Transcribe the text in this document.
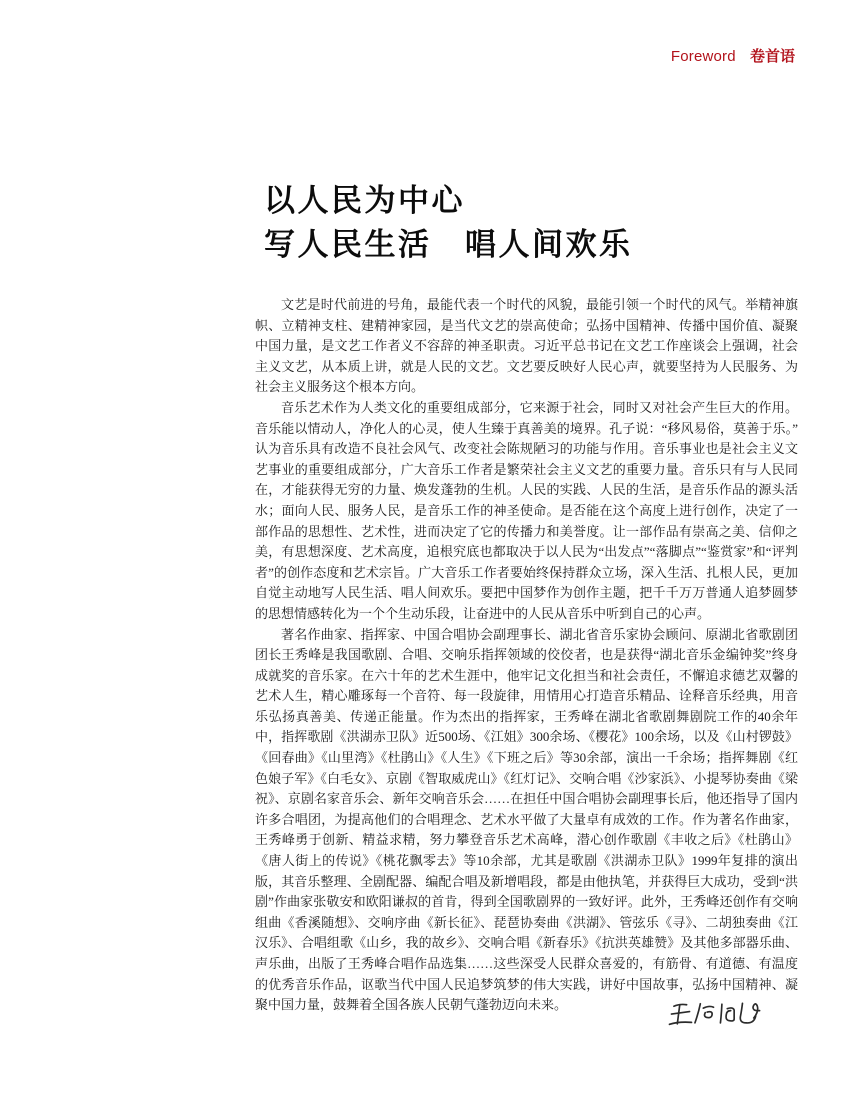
Foreword 卷首语
以人民为中心
写人民生活　唱人间欢乐

文艺是时代前进的号角，最能代表一个时代的风貌，最能引领一个时代的风气。举精神旗帜、立精神支柱、建精神家园，是当代文艺的崇高使命；弘扬中国精神、传播中国价值、凝聚中国力量，是文艺工作者义不容辞的神圣职责。习近平总书记在文艺工作座谈会上强调，社会主义文艺，从本质上讲，就是人民的文艺。文艺要反映好人民心声，就要坚持为人民服务、为社会主义服务这个根本方向。

音乐艺术作为人类文化的重要组成部分，它来源于社会，同时又对社会产生巨大的作用。音乐能以情动人，净化人的心灵，使人生臻于真善美的境界。孔子说：“移风易俗，莫善于乐。”认为音乐具有改造不良社会风气、改变社会陈规陋习的功能与作用。音乐事业也是社会主义文艺事业的重要组成部分，广大音乐工作者是繁荣社会主义文艺的重要力量。音乐只有与人民同在，才能获得无穷的力量、焕发蓬勃的生机。人民的实践、人民的生活，是音乐作品的源头活水；面向人民、服务人民，是音乐工作的神圣使命。是否能在这个高度上进行创作，决定了一部作品的思想性、艺术性，进而决定了它的传播力和美誉度。让一部作品有崇高之美、信仰之美，有思想深度、艺术高度，追根究底也都取决于以人民为“出发点”“落脚点”“鉴赏家”和“评判者”的创作态度和艺术宗旨。广大音乐工作者要始终保持群众立场，深入生活、扎根人民，更加自觉主动地写人民生活、唱人间欢乐。要把中国梦作为创作主题，把千千万万普通人追梦圆梦的思想情感转化为一个个生动乐段，让奋进中的人民从音乐中听到自己的心声。

著名作曲家、指挥家、中国合唱协会副理事长、湖北省音乐家协会顾问、原湖北省歌剧团团长王秀峰是我国歌剧、合唱、交响乐指挥领域的佼佼者，也是获得“湖北音乐金编钟奖”终身成就奖的音乐家。在六十年的艺术生涯中，他牢记文化担当和社会责任，不懈追求德艺双馨的艺术人生，精心雕琢每一个音符、每一段旋律，用情用心打造音乐精品、诠释音乐经典，用音乐弘扬真善美、传递正能量。作为杰出的指挥家，王秀峰在湖北省歌剧舞剧院工作的40余年中，指挥歌剧《洪湖赤卫队》近500场、《江姐》300余场、《樱花》100余场，以及《山村锣鼓》《回春曲》《山里湾》《杜鹃山》《人生》《下班之后》等30余部，演出一千余场；指挥舞剧《红色娘子军》《白毛女》、京剧《智取威虎山》《红灯记》、交响合唱《沙家浜》、小提琴协奏曲《梁祝》、京剧名家音乐会、新年交响音乐会……在担任中国合唱协会副理事长后，他还指导了国内许多合唱团，为提高他们的合唱理念、艺术水平做了大量卓有成效的工作。作为著名作曲家，王秀峰勇于创新、精益求精，努力攀登音乐艺术高峰，潜心创作歌剧《丰收之后》《杜鹃山》《唐人街上的传说》《桃花飘零去》等10余部，尤其是歌剧《洪湖赤卫队》1999年复排的演出版，其音乐整理、全剧配器、编配合唱及新增唱段，都是由他执笔，并获得巨大成功，受到“洪剧”作曲家张敬安和欧阳谦叔的首肯，得到全国歌剧界的一致好评。此外，王秀峰还创作有交响组曲《香溪随想》、交响序曲《新长征》、琵琶协奏曲《洪湖》、管弦乐《寻》、二胡独奏曲《江汉乐》、合唱组歌《山乡，我的故乡》、交响合唱《新春乐》《抗洪英雄赞》及其他多部器乐曲、声乐曲，出版了王秀峰合唱作品选集……这些深受人民群众喜爱的，有筋骨、有道德、有温度的优秀音乐作品，讴歌当代中国人民追梦筑梦的伟大实践，讲好中国故事，弘扬中国精神、凝聚中国力量，鼓舞着全国各族人民朝气蓬勃迈向未来。
